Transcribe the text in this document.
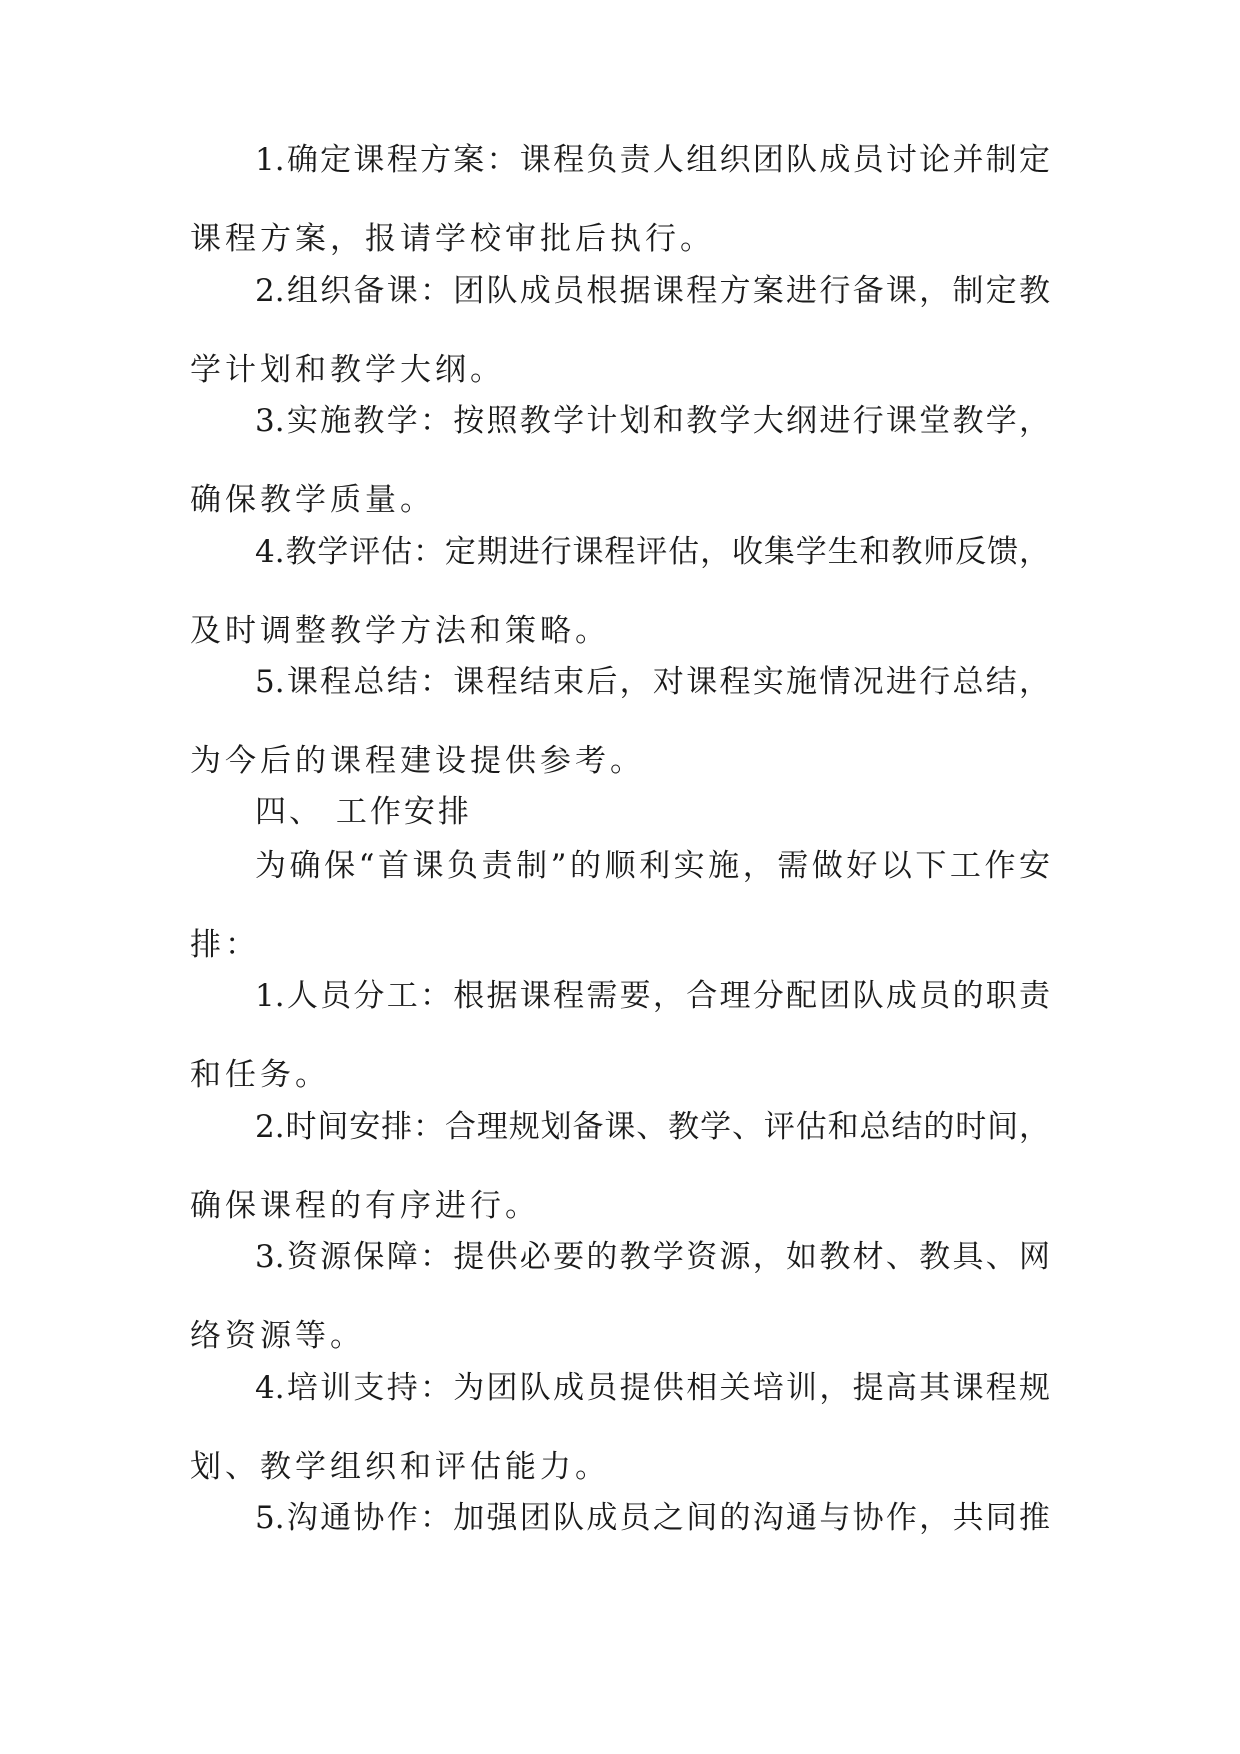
1.确定课程方案：课程负责人组织团队成员讨论并制定
课程方案，报请学校审批后执行。
2.组织备课：团队成员根据课程方案进行备课，制定教
学计划和教学大纲。
3.实施教学：按照教学计划和教学大纲进行课堂教学，
确保教学质量。
4.教学评估：定期进行课程评估，收集学生和教师反馈，
及时调整教学方法和策略。
5.课程总结：课程结束后，对课程实施情况进行总结，
为今后的课程建设提供参考。
四、 工作安排
为确保“首课负责制”的顺利实施，需做好以下工作安
排：
1.人员分工：根据课程需要，合理分配团队成员的职责
和任务。
2.时间安排：合理规划备课、教学、评估和总结的时间，
确保课程的有序进行。
3.资源保障：提供必要的教学资源，如教材、教具、网
络资源等。
4.培训支持：为团队成员提供相关培训，提高其课程规
划、教学组织和评估能力。
5.沟通协作：加强团队成员之间的沟通与协作，共同推
